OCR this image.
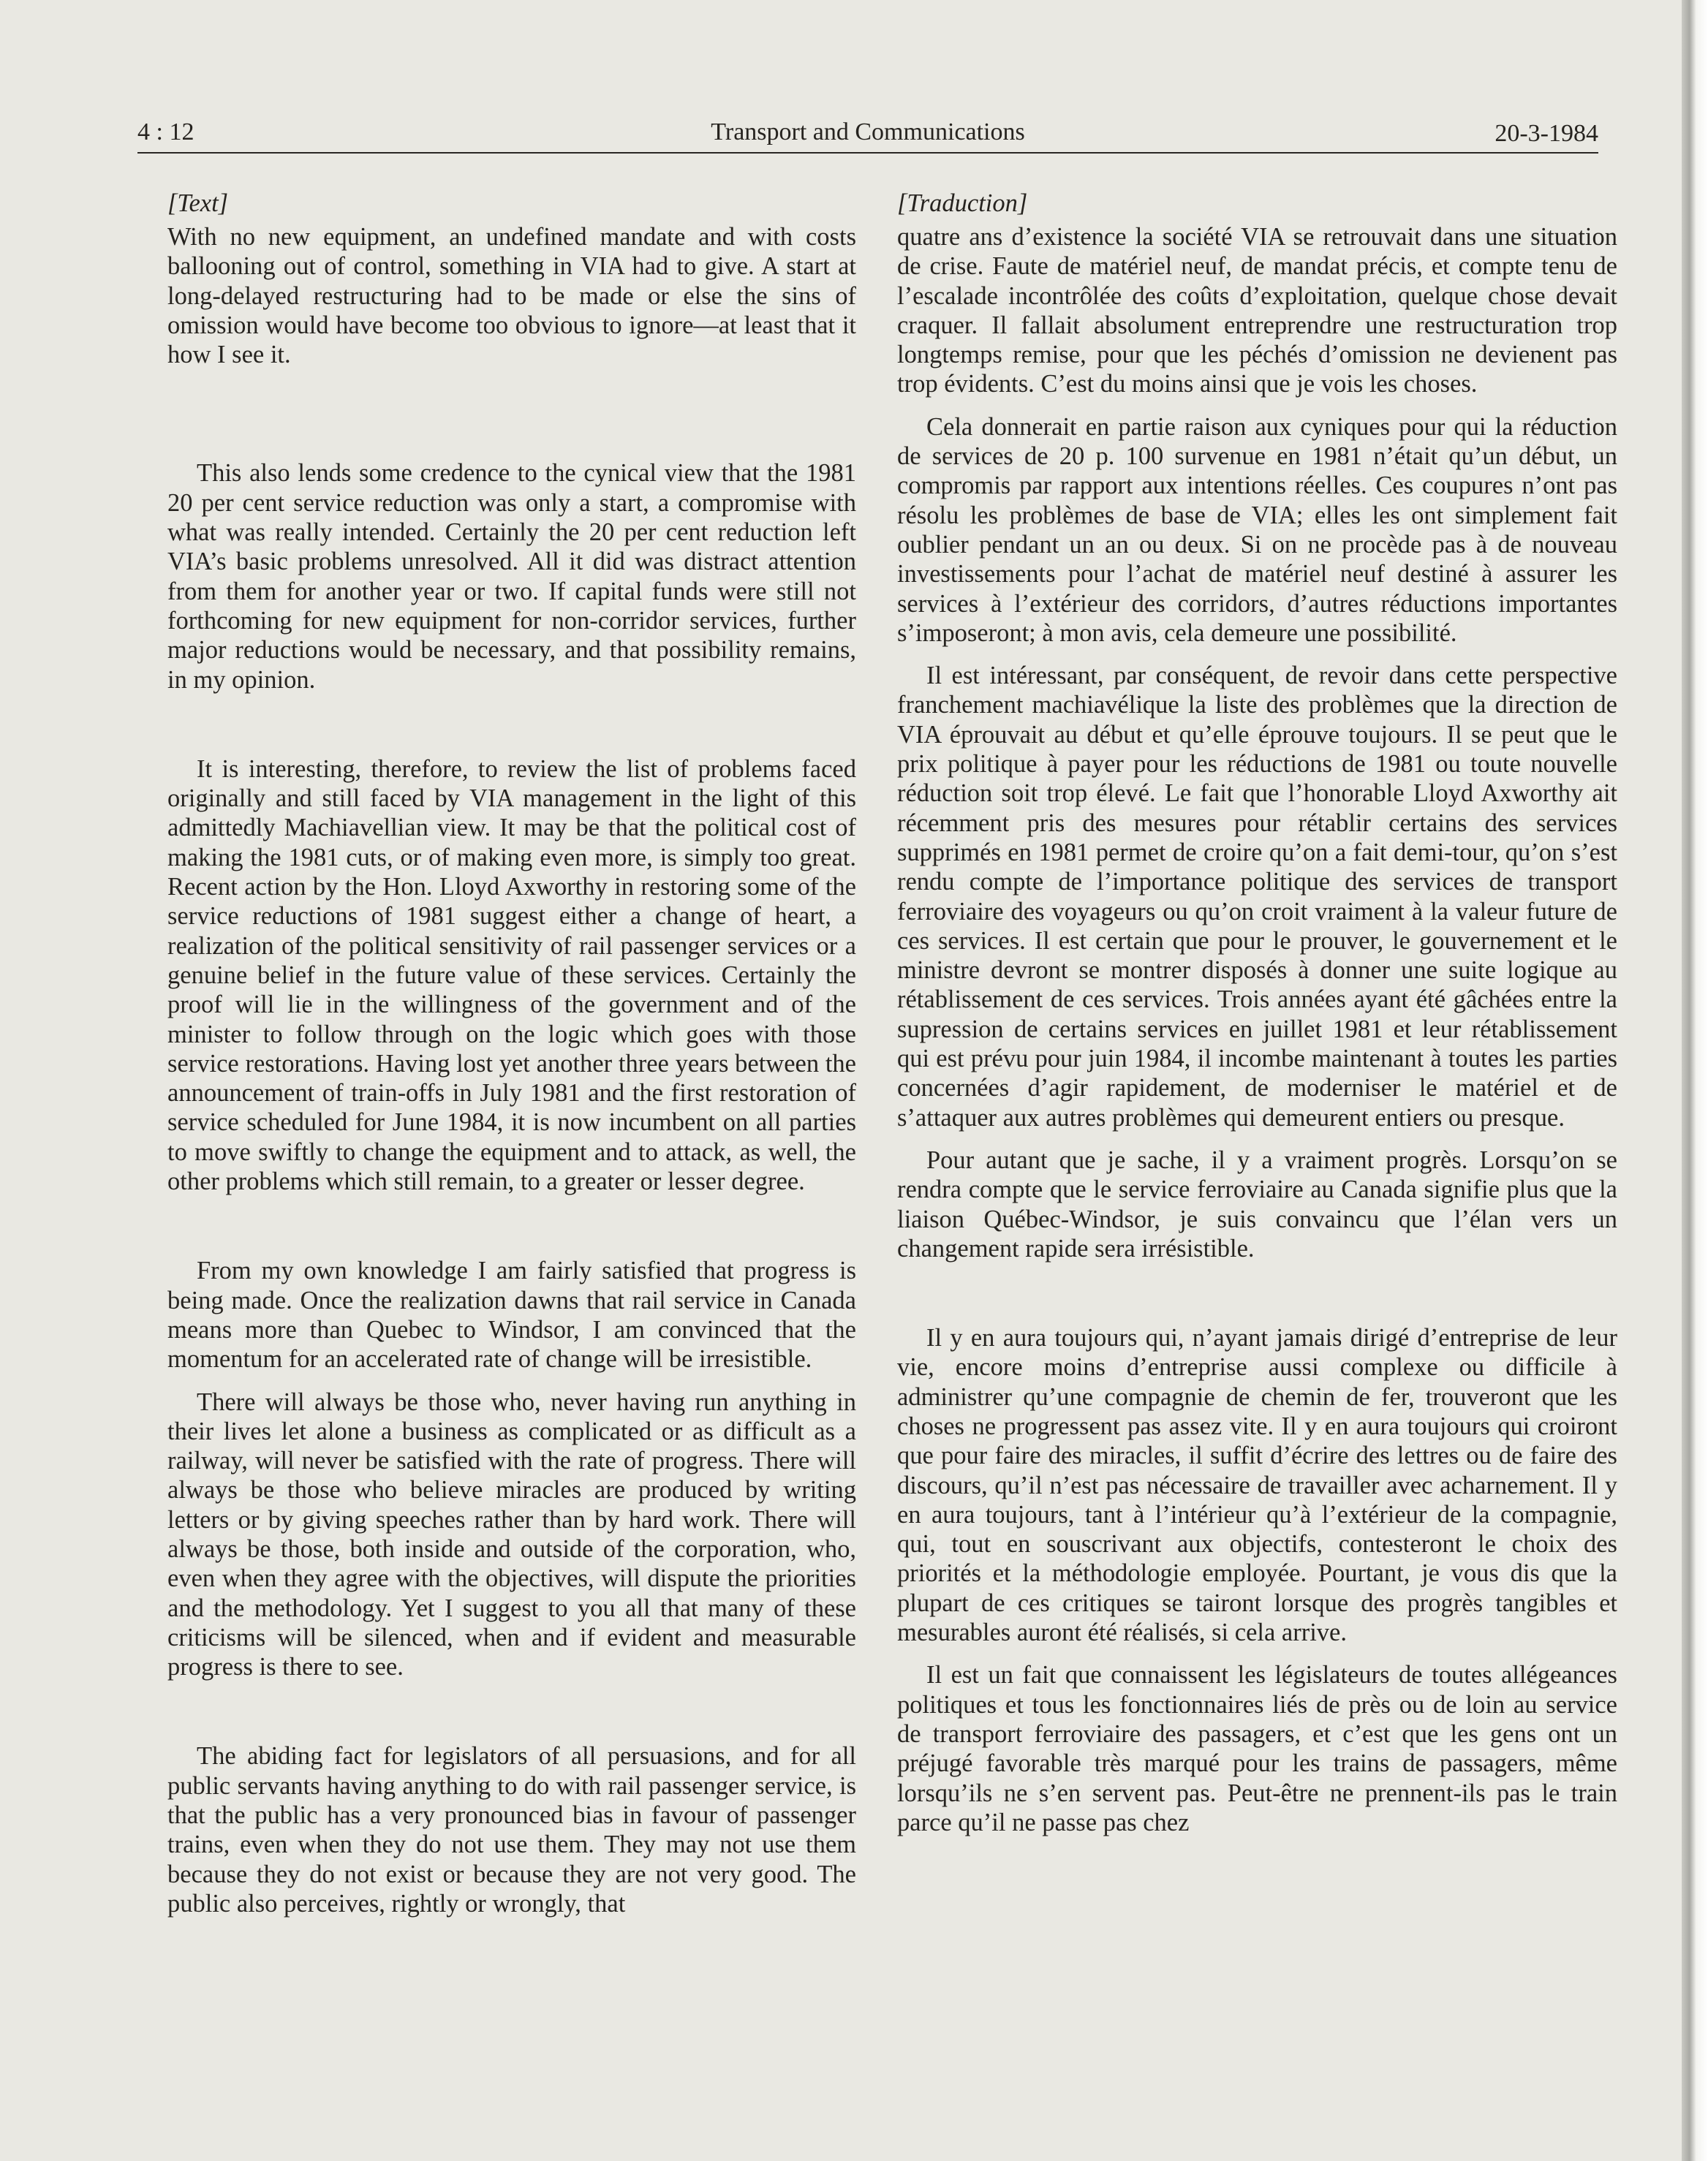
4 : 12	Transport and Communications	20-3-1984

[Text]

With no new equipment, an undefined mandate and with costs ballooning out of control, something in VIA had to give. A start at long-delayed restructuring had to be made or else the sins of omission would have become too obvious to ignore—at least that it how I see it.

This also lends some credence to the cynical view that the 1981 20 per cent service reduction was only a start, a compromise with what was really intended. Certainly the 20 per cent reduction left VIA’s basic problems unresolved. All it did was distract attention from them for another year or two. If capital funds were still not forthcoming for new equipment for non-corridor services, further major reductions would be necessary, and that possibility remains, in my opinion.

It is interesting, therefore, to review the list of problems faced originally and still faced by VIA management in the light of this admittedly Machiavellian view. It may be that the political cost of making the 1981 cuts, or of making even more, is simply too great. Recent action by the Hon. Lloyd Axworthy in restoring some of the service reductions of 1981 suggest either a change of heart, a realization of the political sensitivity of rail passenger services or a genuine belief in the future value of these services. Certainly the proof will lie in the willingness of the government and of the minister to follow through on the logic which goes with those service restorations. Having lost yet another three years between the announcement of train-offs in July 1981 and the first restoration of service scheduled for June 1984, it is now incumbent on all parties to move swiftly to change the equipment and to attack, as well, the other problems which still remain, to a greater or lesser degree.

From my own knowledge I am fairly satisfied that progress is being made. Once the realization dawns that rail service in Canada means more than Quebec to Windsor, I am convinced that the momentum for an accelerated rate of change will be irresistible.

There will always be those who, never having run anything in their lives let alone a business as complicated or as difficult as a railway, will never be satisfied with the rate of progress. There will always be those who believe miracles are produced by writing letters or by giving speeches rather than by hard work. There will always be those, both inside and outside of the corporation, who, even when they agree with the objectives, will dispute the priorities and the methodology. Yet I suggest to you all that many of these criticisms will be silenced, when and if evident and measurable progress is there to see.

The abiding fact for legislators of all persuasions, and for all public servants having anything to do with rail passenger service, is that the public has a very pronounced bias in favour of passenger trains, even when they do not use them. They may not use them because they do not exist or because they are not very good. The public also perceives, rightly or wrongly, that

[Traduction]

quatre ans d’existence la société VIA se retrouvait dans une situation de crise. Faute de matériel neuf, de mandat précis, et compte tenu de l’escalade incontrôlée des coûts d’exploitation, quelque chose devait craquer. Il fallait absolument entreprendre une restructuration trop longtemps remise, pour que les péchés d’omission ne devienent pas trop évidents. C’est du moins ainsi que je vois les choses.

Cela donnerait en partie raison aux cyniques pour qui la réduction de services de 20 p. 100 survenue en 1981 n’était qu’un début, un compromis par rapport aux intentions réelles. Ces coupures n’ont pas résolu les problèmes de base de VIA; elles les ont simplement fait oublier pendant un an ou deux. Si on ne procède pas à de nouveau investissements pour l’achat de matériel neuf destiné à assurer les services à l’extérieur des corridors, d’autres réductions importantes s’imposeront; à mon avis, cela demeure une possibilité.

Il est intéressant, par conséquent, de revoir dans cette perspective franchement machiavélique la liste des problèmes que la direction de VIA éprouvait au début et qu’elle éprouve toujours. Il se peut que le prix politique à payer pour les réductions de 1981 ou toute nouvelle réduction soit trop élevé. Le fait que l’honorable Lloyd Axworthy ait récemment pris des mesures pour rétablir certains des services supprimés en 1981 permet de croire qu’on a fait demi-tour, qu’on s’est rendu compte de l’importance politique des services de transport ferroviaire des voyageurs ou qu’on croit vraiment à la valeur future de ces services. Il est certain que pour le prouver, le gouvernement et le ministre devront se montrer disposés à donner une suite logique au rétablissement de ces services. Trois années ayant été gâchées entre la supression de certains services en juillet 1981 et leur rétablissement qui est prévu pour juin 1984, il incombe maintenant à toutes les parties concernées d’agir rapidement, de moderniser le matériel et de s’attaquer aux autres problèmes qui demeurent entiers ou presque.

Pour autant que je sache, il y a vraiment progrès. Lorsqu’on se rendra compte que le service ferroviaire au Canada signifie plus que la liaison Québec-Windsor, je suis convaincu que l’élan vers un changement rapide sera irrésistible.

Il y en aura toujours qui, n’ayant jamais dirigé d’entreprise de leur vie, encore moins d’entreprise aussi complexe ou difficile à administrer qu’une compagnie de chemin de fer, trouveront que les choses ne progressent pas assez vite. Il y en aura toujours qui croiront que pour faire des miracles, il suffit d’écrire des lettres ou de faire des discours, qu’il n’est pas nécessaire de travailler avec acharnement. Il y en aura toujours, tant à l’intérieur qu’à l’extérieur de la compagnie, qui, tout en souscrivant aux objectifs, contesteront le choix des priorités et la méthodologie employée. Pourtant, je vous dis que la plupart de ces critiques se tairont lorsque des progrès tangibles et mesurables auront été réalisés, si cela arrive.

Il est un fait que connaissent les législateurs de toutes allégeances politiques et tous les fonctionnaires liés de près ou de loin au service de transport ferroviaire des passagers, et c’est que les gens ont un préjugé favorable très marqué pour les trains de passagers, même lorsqu’ils ne s’en servent pas. Peut-être ne prennent-ils pas le train parce qu’il ne passe pas chez
